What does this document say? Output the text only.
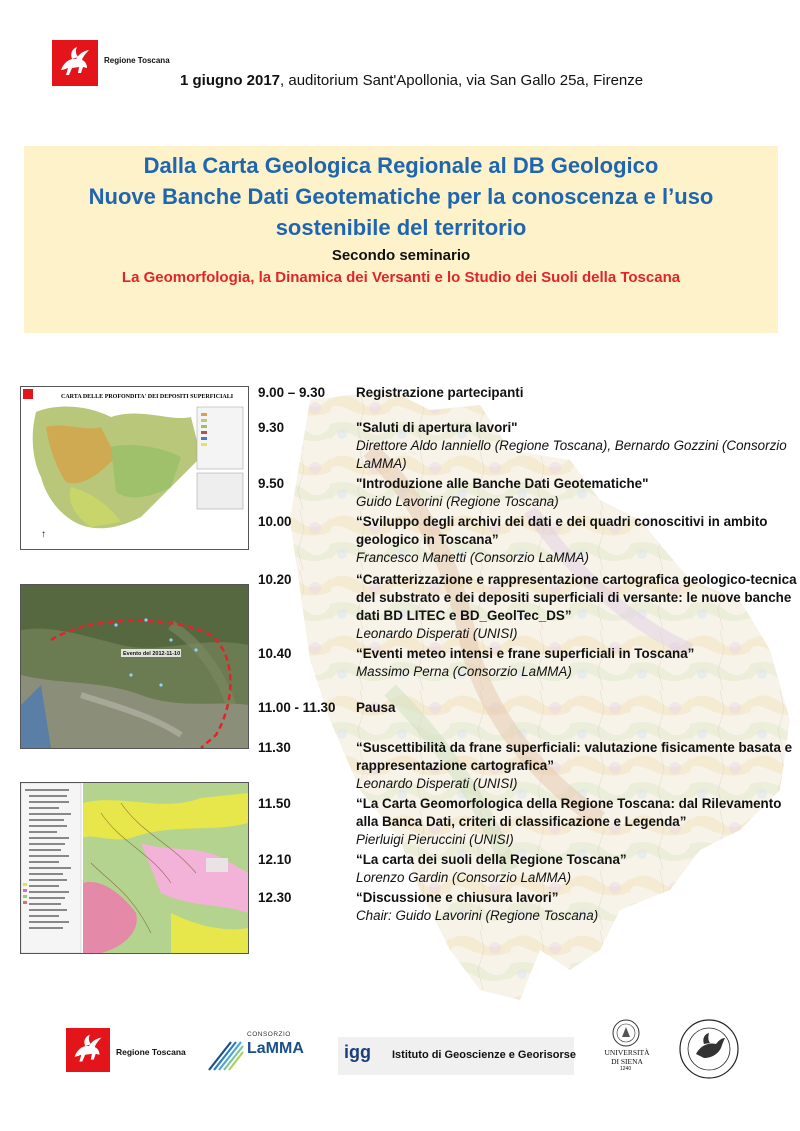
Regione Toscana
1 giugno 2017, auditorium Sant'Apollonia, via San Gallo 25a, Firenze
Dalla Carta Geologica Regionale al DB Geologico
Nuove Banche Dati Geotematiche per la conoscenza e l’uso
sostenibile del territorio
Secondo seminario
La Geomorfologia, la Dinamica dei Versanti e lo Studio dei Suoli della Toscana
CARTA DELLE PROFONDITA' DEI DEPOSITI SUPERFICIALI
↑
Evento del 2012-11-10
9.00 – 9.30	Registrazione partecipanti
9.30	"Saluti di apertura lavori"
Direttore Aldo Ianniello (Regione Toscana), Bernardo Gozzini (Consorzio LaMMA)
9.50	"Introduzione alle Banche Dati Geotematiche"
Guido Lavorini (Regione Toscana)
10.00	“Sviluppo degli archivi dei dati e dei quadri conoscitivi in ambito geologico in Toscana”
Francesco Manetti (Consorzio LaMMA)
10.20	“Caratterizzazione e rappresentazione cartografica geologico-tecnica del substrato e dei depositi superficiali di versante: le nuove banche dati BD LITEC e BD_GeolTec_DS”
Leonardo Disperati (UNISI)
10.40	“Eventi meteo intensi e frane superficiali in Toscana”
Massimo Perna (Consorzio LaMMA)
11.00 - 11.30	Pausa
11.30	“Suscettibilità da frane superficiali: valutazione fisicamente basata e rappresentazione cartografica”
Leonardo Disperati (UNISI)
11.50	“La Carta Geomorfologica della Regione Toscana: dal Rilevamento alla Banca Dati, criteri di classificazione e Legenda”
Pierluigi Pieruccini (UNISI)
12.10	“La carta dei suoli della Regione Toscana”
Lorenzo Gardin (Consorzio LaMMA)
12.30	“Discussione e chiusura lavori”
Chair: Guido Lavorini (Regione Toscana)
Regione Toscana
CONSORZIO
LaMMA igg Istituto di Geoscienze e Georisorse	UNIVERSITÀ DI SIENA
1240
